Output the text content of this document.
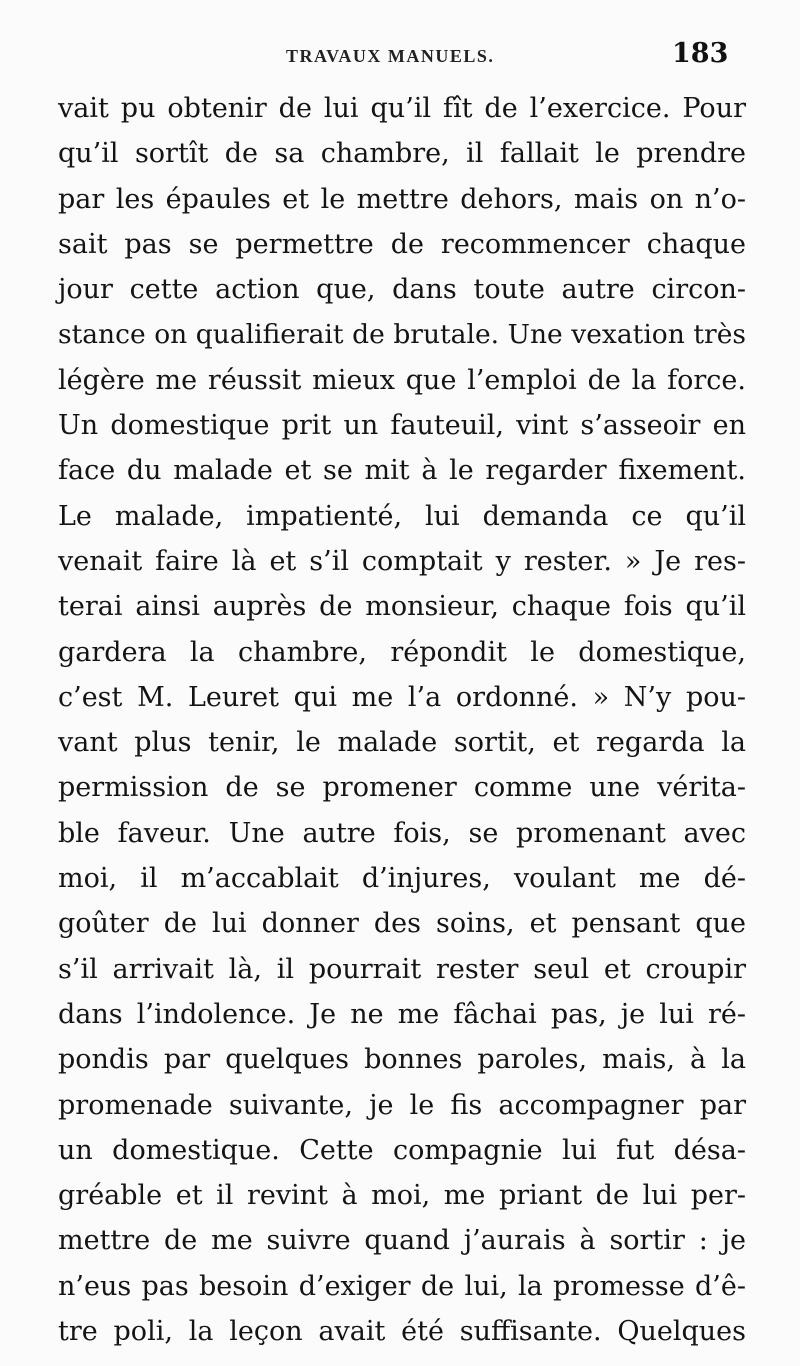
TRAVAUX MANUELS.	183
vait pu obtenir de lui qu’il fît de l’exercice. Pour
qu’il sortît de sa chambre, il fallait le prendre
par les épaules et le mettre dehors, mais on n’o-
sait pas se permettre de recommencer chaque
jour cette action que, dans toute autre circon-
stance on qualifierait de brutale. Une vexation très
légère me réussit mieux que l’emploi de la force.
Un domestique prit un fauteuil, vint s’asseoir en
face du malade et se mit à le regarder fixement.
Le malade, impatienté, lui demanda ce qu’il
venait faire là et s’il comptait y rester. » Je res-
terai ainsi auprès de monsieur, chaque fois qu’il
gardera la chambre, répondit le domestique,
c’est M. Leuret qui me l’a ordonné. » N’y pou-
vant plus tenir, le malade sortit, et regarda la
permission de se promener comme une vérita-
ble faveur. Une autre fois, se promenant avec
moi, il m’accablait d’injures, voulant me dé-
goûter de lui donner des soins, et pensant que
s’il arrivait là, il pourrait rester seul et croupir
dans l’indolence. Je ne me fâchai pas, je lui ré-
pondis par quelques bonnes paroles, mais, à la
promenade suivante, je le fis accompagner par
un domestique. Cette compagnie lui fut désa-
gréable et il revint à moi, me priant de lui per-
mettre de me suivre quand j’aurais à sortir : je
n’eus pas besoin d’exiger de lui, la promesse d’ê-
tre poli, la leçon avait été suffisante. Quelques
